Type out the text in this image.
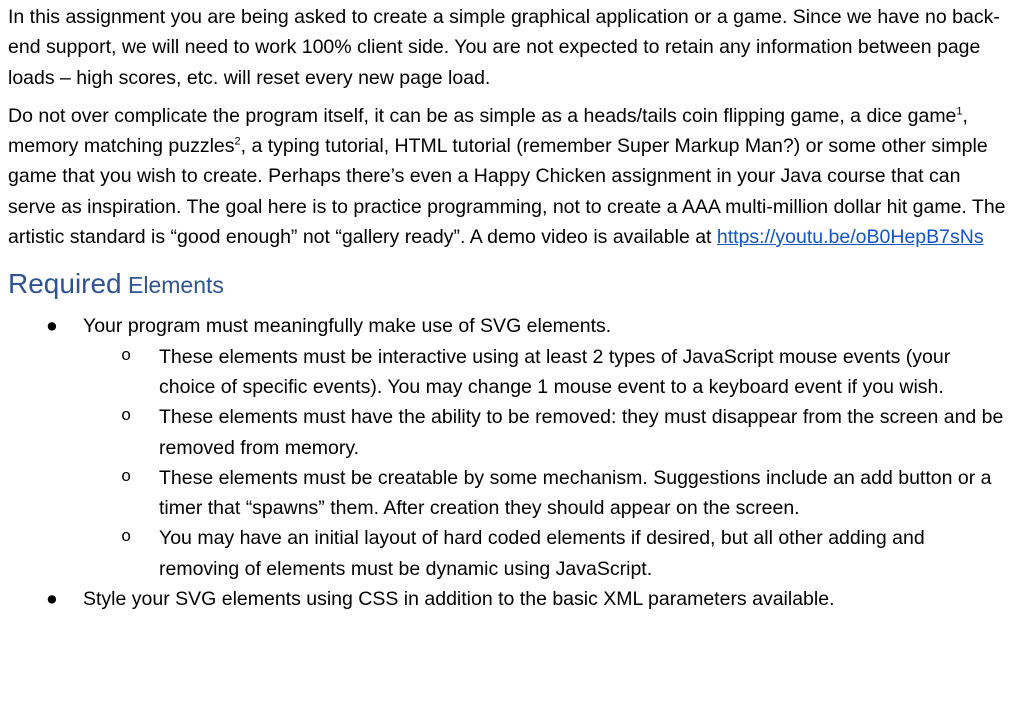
In this assignment you are being asked to create a simple graphical application or a game. Since we have no back-end support, we will need to work 100% client side. You are not expected to retain any information between page loads – high scores, etc. will reset every new page load.

Do not over complicate the program itself, it can be as simple as a heads/tails coin flipping game, a dice game$^1$, memory matching puzzles$^2$, a typing tutorial, HTML tutorial (remember Super Markup Man?) or some other simple game that you wish to create. Perhaps there’s even a Happy Chicken assignment in your Java course that can serve as inspiration. The goal here is to practice programming, not to create a AAA multi-million dollar hit game. The artistic standard is “good enough” not “gallery ready”. A demo video is available at https://youtu.be/oB0HepB7sNs

Required Elements
● Your program must meaningfully make use of SVG elements.
o These elements must be interactive using at least 2 types of JavaScript mouse events (your choice of specific events). You may change 1 mouse event to a keyboard event if you wish.
o These elements must have the ability to be removed: they must disappear from the screen and be removed from memory.
o These elements must be creatable by some mechanism. Suggestions include an add button or a timer that “spawns” them. After creation they should appear on the screen.
o You may have an initial layout of hard coded elements if desired, but all other adding and removing of elements must be dynamic using JavaScript.
● Style your SVG elements using CSS in addition to the basic XML parameters available.
